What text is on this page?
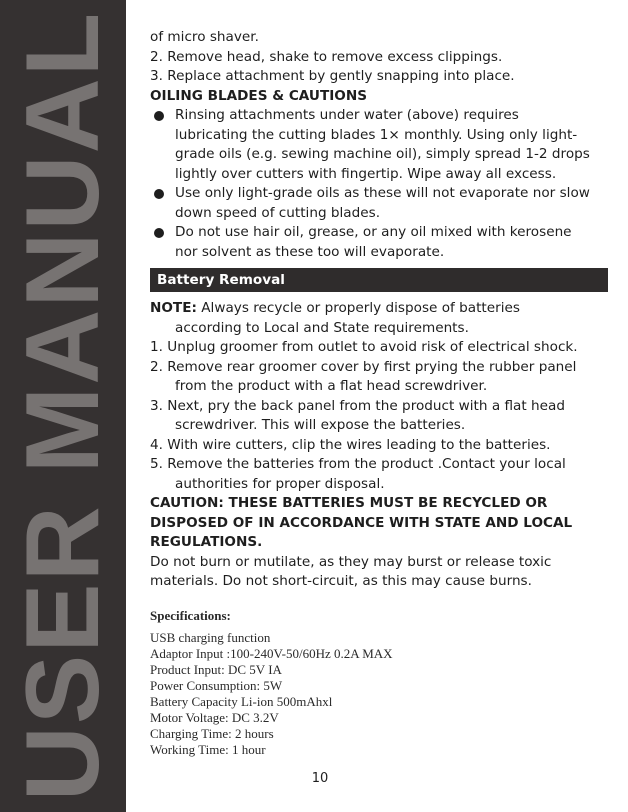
USER MANUAL of micro shaver.
2. Remove head, shake to remove excess clippings.
3. Replace attachment by gently snapping into place.
OILING BLADES & CAUTIONS
Rinsing attachments under water (above) requires
lubricating the cutting blades 1× monthly. Using only light-
grade oils (e.g. sewing machine oil), simply spread 1-2 drops
lightly over cutters with fingertip. Wipe away all excess.
Use only light-grade oils as these will not evaporate nor slow
down speed of cutting blades.
Do not use hair oil, grease, or any oil mixed with kerosene
nor solvent as these too will evaporate.
Battery Removal
NOTE: Always recycle or properly dispose of batteries
according to Local and State requirements.
1. Unplug groomer from outlet to avoid risk of electrical shock.
2. Remove rear groomer cover by first prying the rubber panel
from the product with a flat head screwdriver.
3. Next, pry the back panel from the product with a flat head
screwdriver. This will expose the batteries.
4. With wire cutters, clip the wires leading to the batteries.
5. Remove the batteries from the product .Contact your local
authorities for proper disposal.
CAUTION: THESE BATTERIES MUST BE RECYCLED OR
DISPOSED OF IN ACCORDANCE WITH STATE AND LOCAL
REGULATIONS.
Do not burn or mutilate, as they may burst or release toxic
materials. Do not short-circuit, as this may cause burns.
Specifications:
USB charging function
Adaptor Input :100-240V-50/60Hz 0.2A MAX
Product Input: DC 5V IA
Power Consumption: 5W
Battery Capacity Li-ion 500mAhxl
Motor Voltage: DC 3.2V
Charging Time: 2 hours
Working Time: 1 hour
10
